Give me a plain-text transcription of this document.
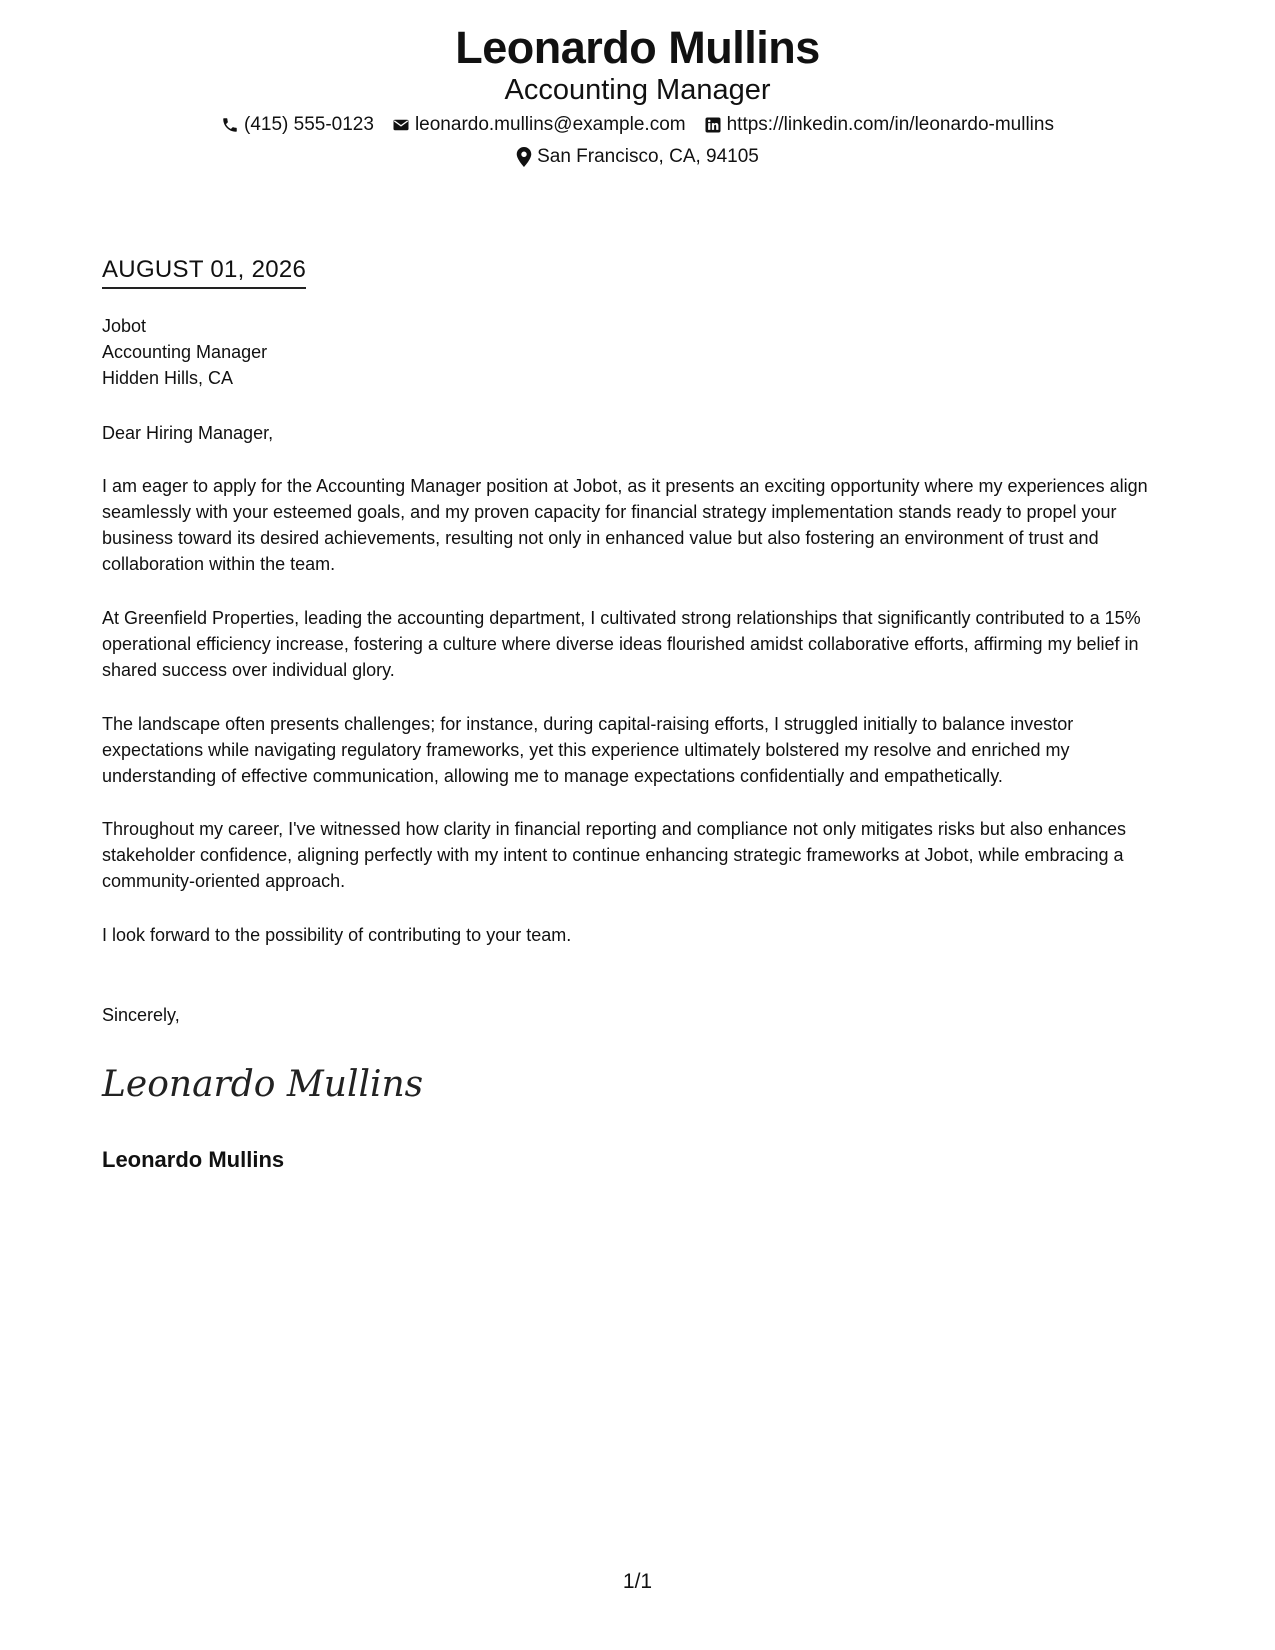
Leonardo Mullins
Accounting Manager
(415) 555-0123 leonardo.mullins@example.com https://linkedin.com/in/leonardo-mullins
San Francisco, CA, 94105
AUGUST 01, 2026
Jobot
Accounting Manager
Hidden Hills, CA
Dear Hiring Manager,
I am eager to apply for the Accounting Manager position at Jobot, as it presents an exciting opportunity where my experiences align seamlessly with your esteemed goals, and my proven capacity for financial strategy implementation stands ready to propel your business toward its desired achievements, resulting not only in enhanced value but also fostering an environment of trust and collaboration within the team.
At Greenfield Properties, leading the accounting department, I cultivated strong relationships that significantly contributed to a 15% operational efficiency increase, fostering a culture where diverse ideas flourished amidst collaborative efforts, affirming my belief in shared success over individual glory.
The landscape often presents challenges; for instance, during capital-raising efforts, I struggled initially to balance investor expectations while navigating regulatory frameworks, yet this experience ultimately bolstered my resolve and enriched my understanding of effective communication, allowing me to manage expectations confidentially and empathetically.
Throughout my career, I've witnessed how clarity in financial reporting and compliance not only mitigates risks but also enhances stakeholder confidence, aligning perfectly with my intent to continue enhancing strategic frameworks at Jobot, while embracing a community-oriented approach.
I look forward to the possibility of contributing to your team.
Sincerely,
Leonardo Mullins
Leonardo Mullins
1/1
